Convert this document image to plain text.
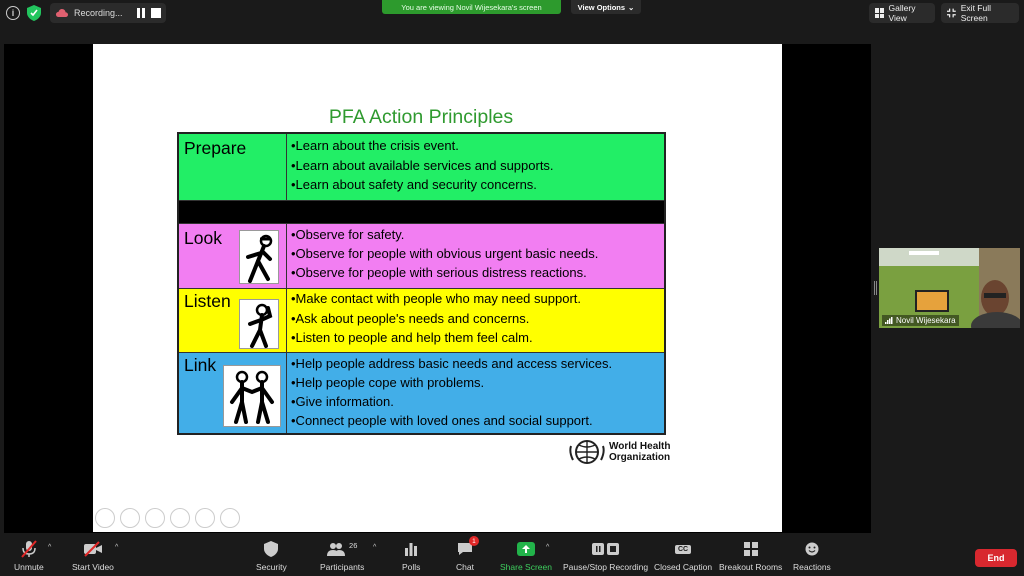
i	Recording...
You are viewing Novil Wijesekara's screen	View Options ⌄	Gallery View
Exit Full Screen
PFA Action Principles
Prepare	•Learn about the crisis event.
•Learn about available services and supports.
•Learn about safety and security concerns.
Look	•Observe for safety.
•Observe for people with obvious urgent basic needs.
•Observe for people with serious distress reactions.
Listen	•Make contact with people who may need support.
•Ask about people's needs and concerns.
•Listen to people and help them feel calm.
Link	•Help people address basic needs and access services.
•Help people cope with problems.
•Give information.
•Connect people with loved ones and social support.
World Health
Organization
Novil Wijesekara
Unmute
^
Start Video
^
Security
26
Participants
^
Polls
1
Chat	Share Screen
^
Pause/Stop Recording
CC
Closed Caption Breakout Rooms Reactions
End
